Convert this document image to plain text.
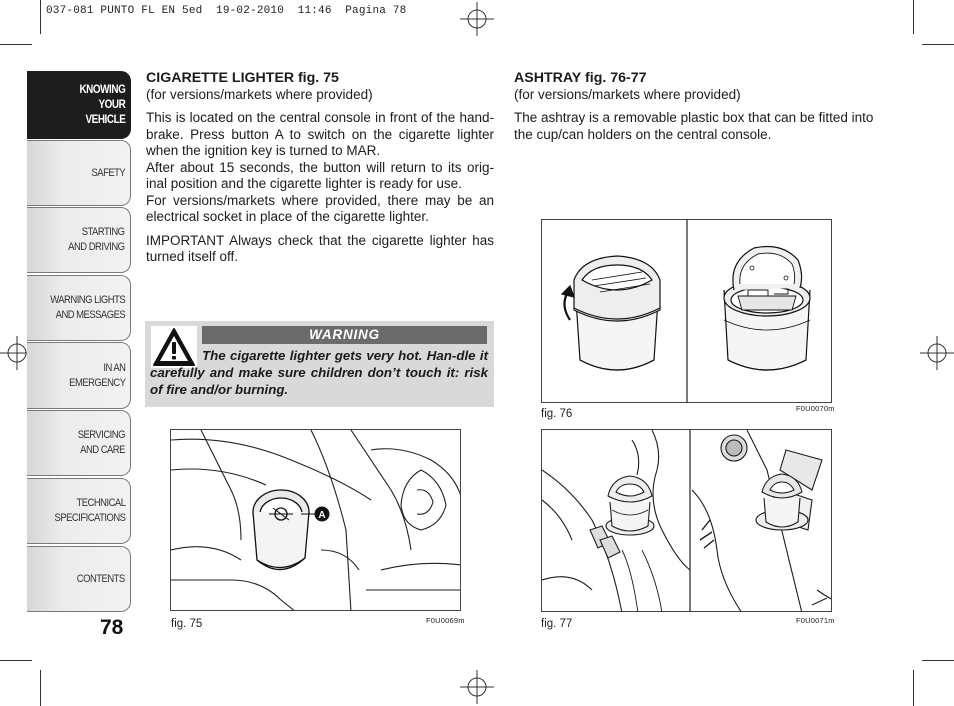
037-081 PUNTO FL EN 5ed  19-02-2010  11:46  Pagina 78
KNOWING
YOUR
VEHICLE
SAFETY
STARTING
AND DRIVING
WARNING LIGHTS
AND MESSAGES
IN AN
EMERGENCY
SERVICING
AND CARE
TECHNICAL
SPECIFICATIONS
CONTENTS
78
CIGARETTE LIGHTER fig. 75
(for versions/markets where provided)

This is located on the central console in front of the hand-brake. Press button A to switch on the cigarette lighter when the ignition key is turned to MAR.

After about 15 seconds, the button will return to its orig-inal position and the cigarette lighter is ready for use.

For versions/markets where provided, there may be an electrical socket in place of the cigarette lighter.

IMPORTANT Always check that the cigarette lighter has turned itself off.

WARNING
The cigarette lighter gets very hot. Han-dle it carefully and make sure children don’t touch it: risk of fire and/or burning.
ASHTRAY fig. 76-77
(for versions/markets where provided)

The ashtray is a removable plastic box that can be fitted into the cup/can holders on the central console.

A
fig. 75	F0U0069m
fig. 76	F0U0070m
fig. 77	F0U0071m
